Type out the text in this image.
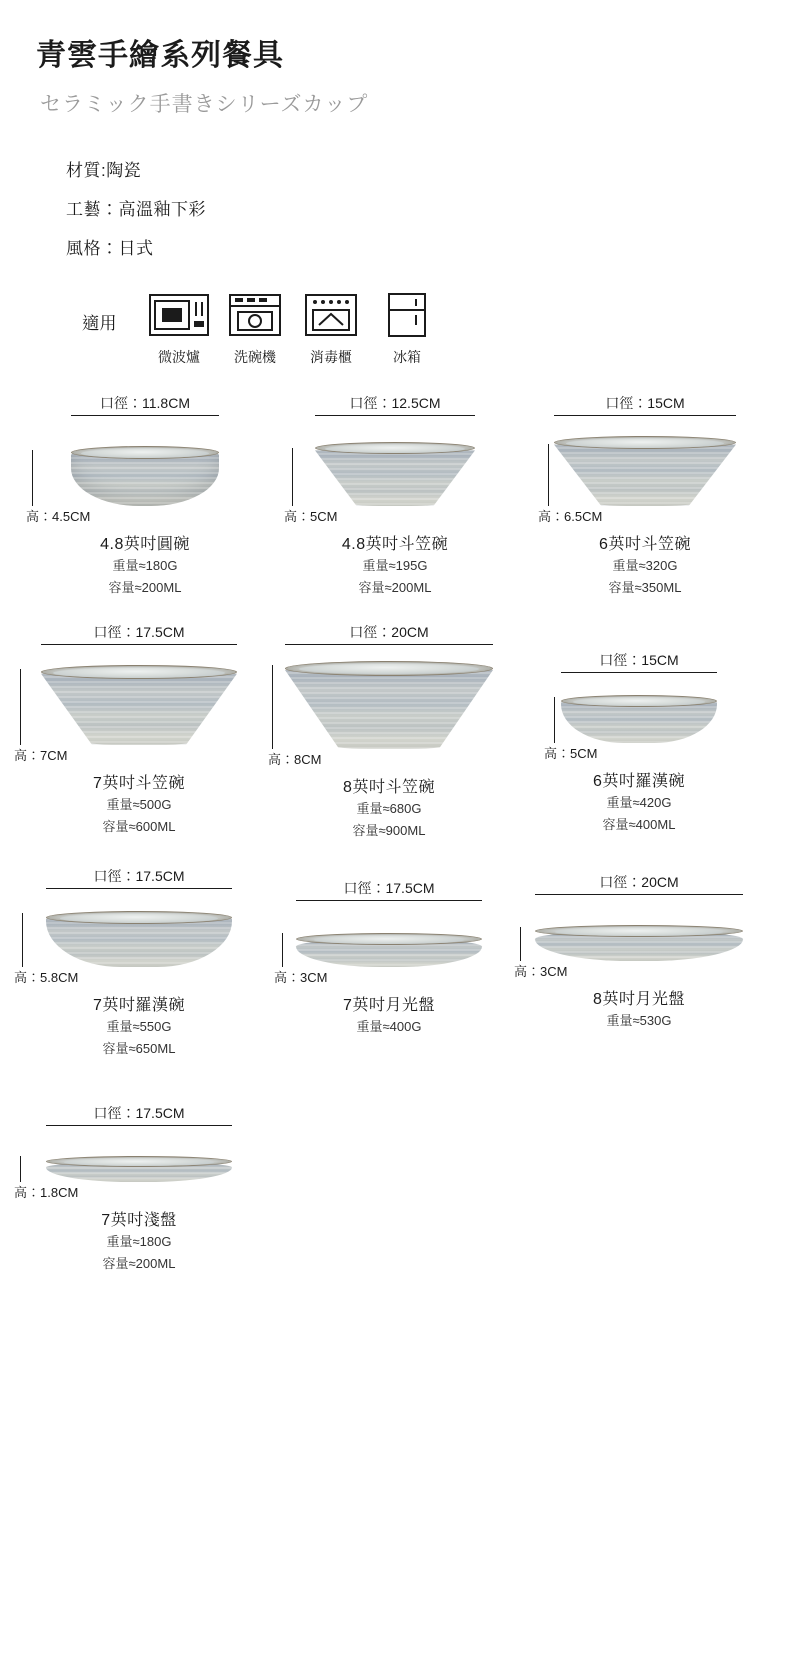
青雲手繪系列餐具
セラミック手書きシリーズカップ
材質:陶瓷
工藝：高溫釉下彩
風格：日式
適用
微波爐	洗碗機	消毒櫃	冰箱
口徑：11.8CM
高：4.5CM
4.8英吋圓碗
重量≈180G
容量≈200ML
口徑：12.5CM
高：5CM
4.8英吋斗笠碗
重量≈195G
容量≈200ML
口徑：15CM
高：6.5CM
6英吋斗笠碗
重量≈320G
容量≈350ML
口徑：17.5CM
高：7CM
7英吋斗笠碗
重量≈500G
容量≈600ML
口徑：20CM
高：8CM
8英吋斗笠碗
重量≈680G
容量≈900ML
口徑：15CM
高：5CM
6英吋羅漢碗
重量≈420G
容量≈400ML
口徑：17.5CM
高：5.8CM
7英吋羅漢碗
重量≈550G
容量≈650ML
口徑：17.5CM
高：3CM
7英吋月光盤
重量≈400G
口徑：20CM
高：3CM
8英吋月光盤
重量≈530G
口徑：17.5CM
高：1.8CM
7英吋淺盤
重量≈180G
容量≈200ML
